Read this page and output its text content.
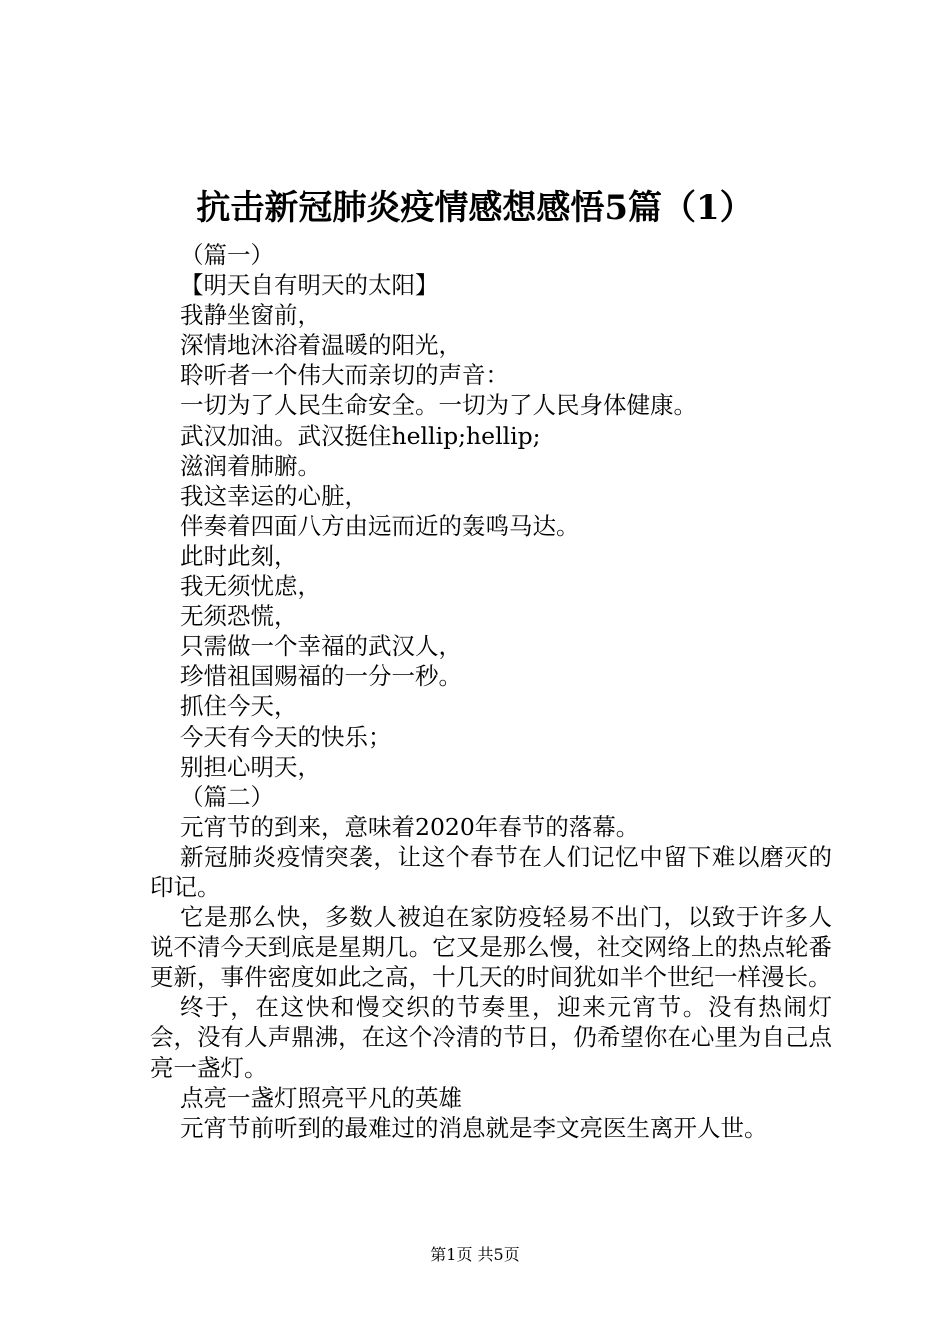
抗击新冠肺炎疫情感想感悟5篇（1）
（篇一）
【明天自有明天的太阳】
我静坐窗前，
深情地沐浴着温暖的阳光，
聆听者一个伟大而亲切的声音：
一切为了人民生命安全。一切为了人民身体健康。
武汉加油。武汉挺住hellip;hellip;
滋润着肺腑。
我这幸运的心脏，
伴奏着四面八方由远而近的轰鸣马达。
此时此刻，
我无须忧虑，
无须恐慌，
只需做一个幸福的武汉人，
珍惜祖国赐福的一分一秒。
抓住今天，
今天有今天的快乐；
别担心明天，
（篇二）
元宵节的到来，意味着2020年春节的落幕。
新冠肺炎疫情突袭，让这个春节在人们记忆中留下难以磨灭的印记。
它是那么快，多数人被迫在家防疫轻易不出门，以致于许多人说不清今天到底是星期几。它又是那么慢，社交网络上的热点轮番更新，事件密度如此之高，十几天的时间犹如半个世纪一样漫长。
终于，在这快和慢交织的节奏里，迎来元宵节。没有热闹灯会，没有人声鼎沸，在这个冷清的节日，仍希望你在心里为自己点亮一盏灯。
点亮一盏灯照亮平凡的英雄
元宵节前听到的最难过的消息就是李文亮医生离开人世。
第1页 共5页
